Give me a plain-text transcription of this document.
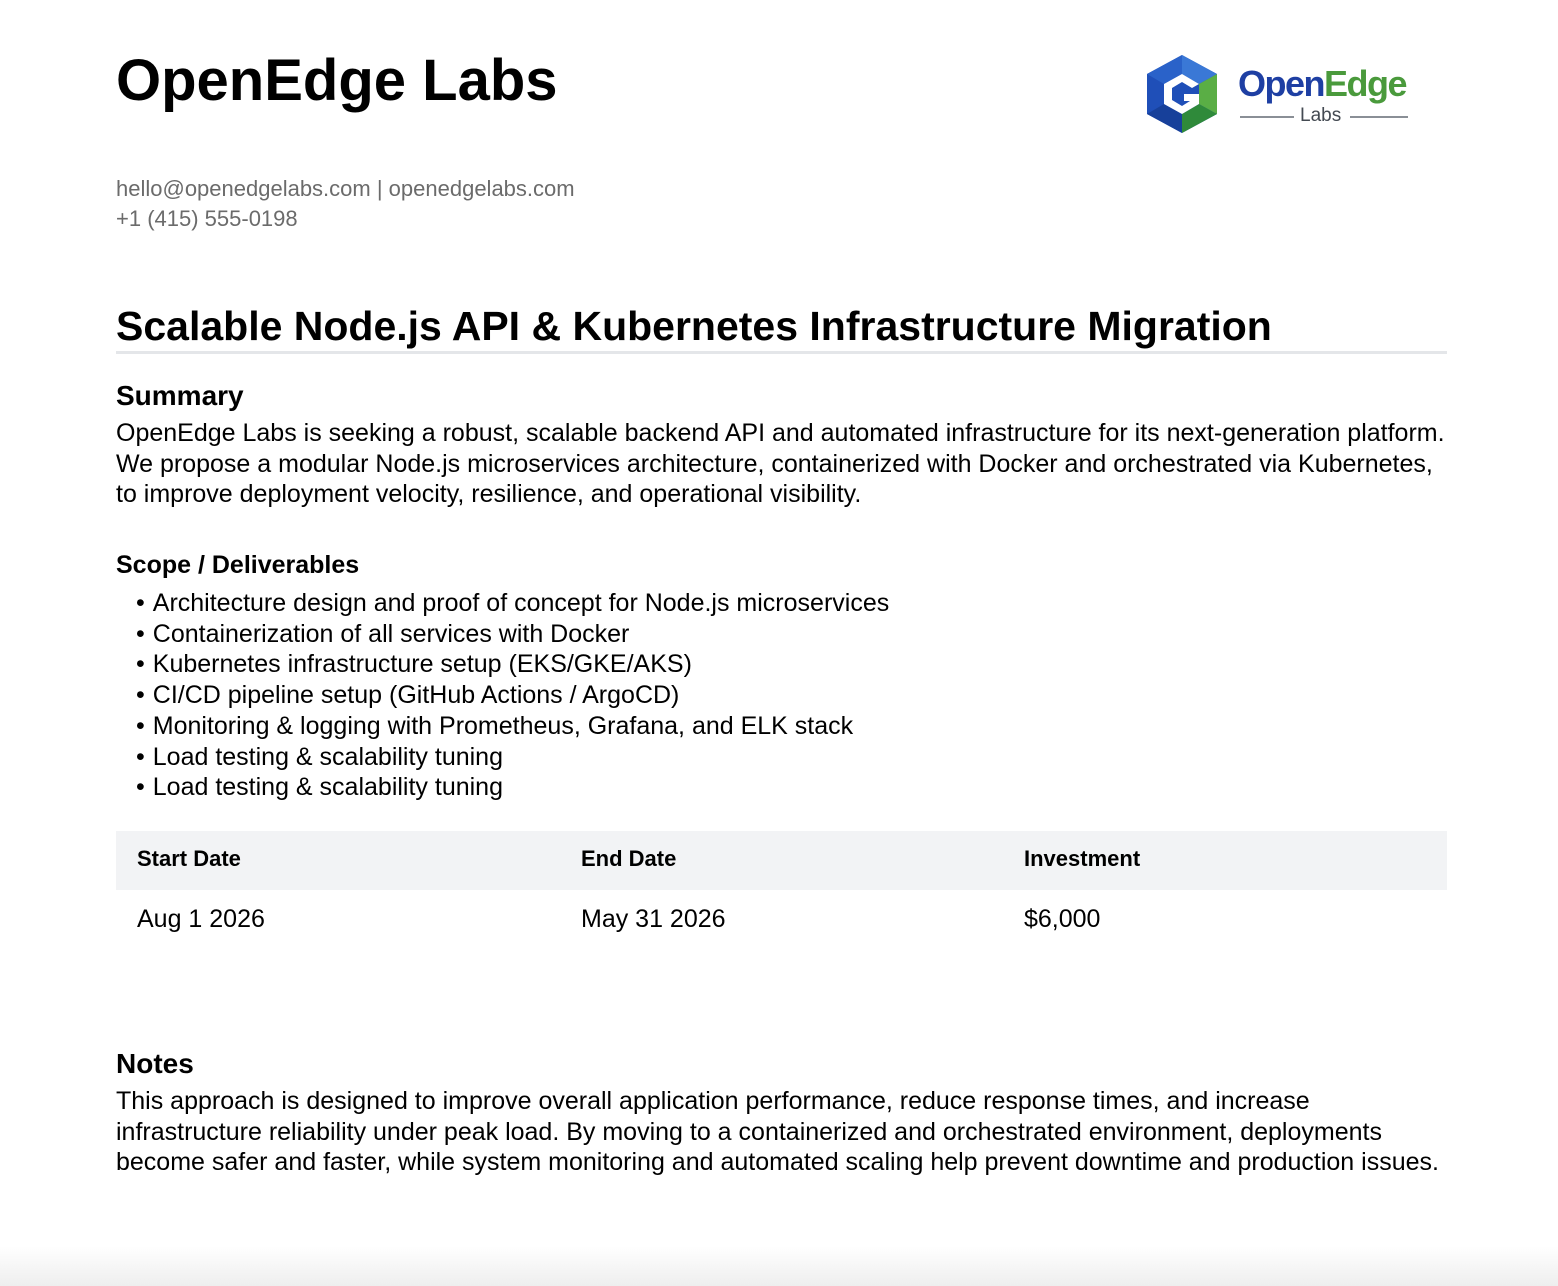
OpenEdge Labs	OpenEdge
Labs
hello@openedgelabs.com | openedgelabs.com
+1 (415) 555-0198
Scalable Node.js API & Kubernetes Infrastructure Migration
Summary
OpenEdge Labs is seeking a robust, scalable backend API and automated infrastructure for its next-generation platform. We propose a modular Node.js microservices architecture, containerized with Docker and orchestrated via Kubernetes, to improve deployment velocity, resilience, and operational visibility.
Scope / Deliverables
• Architecture design and proof of concept for Node.js microservices
• Containerization of all services with Docker
• Kubernetes infrastructure setup (EKS/GKE/AKS)
• CI/CD pipeline setup (GitHub Actions / ArgoCD)
• Monitoring & logging with Prometheus, Grafana, and ELK stack
• Load testing & scalability tuning
• Load testing & scalability tuning
Start Date	End Date	Investment
Aug 1 2026	May 31 2026	$6,000
Notes
This approach is designed to improve overall application performance, reduce response times, and increase infrastructure reliability under peak load. By moving to a containerized and orchestrated environment, deployments become safer and faster, while system monitoring and automated scaling help prevent downtime and production issues.
